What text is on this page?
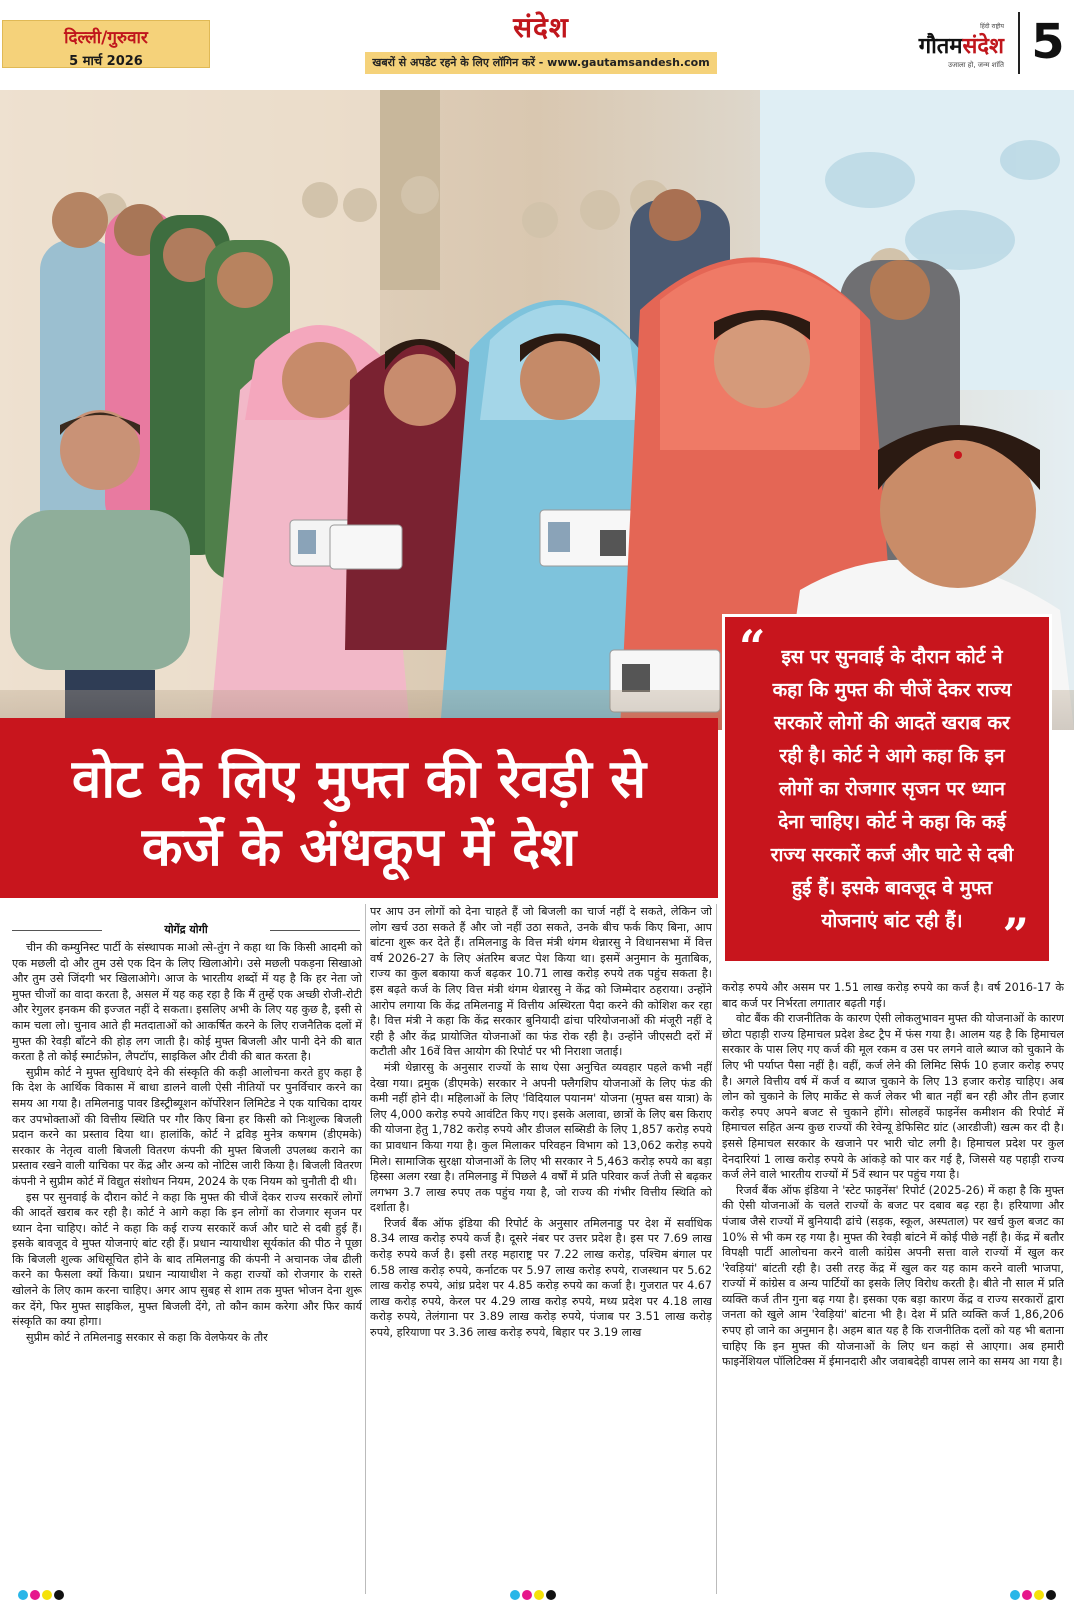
दिल्ली/गुरुवार
5 मार्च 2026
संदेश
खबरों से अपडेट रहने के लिए लॉगिन करें - www.gautamsandesh.com
हिंदी राष्ट्रीय
गौतमसंदेश
उजाला हो, जन्म शांति 5
वोट के लिए मुफ्त की रेवड़ी से
कर्जे के अंधकूप में देश
“ इस पर सुनवाई के दौरान कोर्ट ने कहा कि मुफ्त की चीजें देकर राज्य सरकारें लोगों की आदतें खराब कर रही है। कोर्ट ने आगे कहा कि इन लोगों का रोजगार सृजन पर ध्यान देना चाहिए। कोर्ट ने कहा कि कई राज्य सरकारें कर्ज और घाटे से दबी हुई हैं। इसके बावजूद वे मुफ्त योजनाएं बांट रही हैं। ”
योगेंद्र योगी

चीन की कम्युनिस्ट पार्टी के संस्थापक माओ त्से-तुंग ने कहा था कि किसी आदमी को एक मछली दो और तुम उसे एक दिन के लिए खिलाओगे। उसे मछली पकड़ना सिखाओ और तुम उसे जिंदगी भर खिलाओगे। आज के भारतीय शब्दों में यह है कि हर नेता जो मुफ्त चीजों का वादा करता है, असल में यह कह रहा है कि मैं तुम्हें एक अच्छी रोजी-रोटी और रेगुलर इनकम की इज्जत नहीं दे सकता। इसलिए अभी के लिए यह कुछ है, इसी से काम चला लो। चुनाव आते ही मतदाताओं को आकर्षित करने के लिए राजनैतिक दलों में मुफ्त की रेवड़ी बाँटने की होड़ लग जाती है। कोई मुफ्त बिजली और पानी देने की बात करता है तो कोई स्मार्टफ़ोन, लैपटॉप, साइकिल और टीवी की बात करता है।

सुप्रीम कोर्ट ने मुफ्त सुविधाएं देने की संस्कृति की कड़ी आलोचना करते हुए कहा है कि देश के आर्थिक विकास में बाधा डालने वाली ऐसी नीतियों पर पुनर्विचार करने का समय आ गया है। तमिलनाडु पावर डिस्ट्रीब्यूशन कॉर्पोरेशन लिमिटेड ने एक याचिका दायर कर उपभोक्ताओं की वित्तीय स्थिति पर गौर किए बिना हर किसी को निःशुल्क बिजली प्रदान करने का प्रस्ताव दिया था। हालांकि, कोर्ट ने द्रविड़ मुनेत्र कषगम (डीएमके) सरकार के नेतृत्व वाली बिजली वितरण कंपनी की मुफ्त बिजली उपलब्ध कराने का प्रस्ताव रखने वाली याचिका पर केंद्र और अन्य को नोटिस जारी किया है। बिजली वितरण कंपनी ने सुप्रीम कोर्ट में विद्युत संशोधन नियम, 2024 के एक नियम को चुनौती दी थी।

इस पर सुनवाई के दौरान कोर्ट ने कहा कि मुफ्त की चीजें देकर राज्य सरकारें लोगों की आदतें खराब कर रही है। कोर्ट ने आगे कहा कि इन लोगों का रोजगार सृजन पर ध्यान देना चाहिए। कोर्ट ने कहा कि कई राज्य सरकारें कर्ज और घाटे से दबी हुई हैं। इसके बावजूद वे मुफ्त योजनाएं बांट रही हैं। प्रधान न्यायाधीश सूर्यकांत की पीठ ने पूछा कि बिजली शुल्क अधिसूचित होने के बाद तमिलनाडु की कंपनी ने अचानक जेब ढीली करने का फैसला क्यों किया। प्रधान न्यायाधीश ने कहा राज्यों को रोजगार के रास्ते खोलने के लिए काम करना चाहिए। अगर आप सुबह से शाम तक मुफ्त भोजन देना शुरू कर देंगे, फिर मुफ्त साइकिल, मुफ्त बिजली देंगे, तो कौन काम करेगा और फिर कार्य संस्कृति का क्या होगा।

सुप्रीम कोर्ट ने तमिलनाडु सरकार से कहा कि वेलफेयर के तौर

पर आप उन लोगों को देना चाहते हैं जो बिजली का चार्ज नहीं दे सकते, लेकिन जो लोग खर्च उठा सकते हैं और जो नहीं उठा सकते, उनके बीच फर्क किए बिना, आप बांटना शुरू कर देते हैं। तमिलनाडु के वित्त मंत्री थंगम थेन्नारसु ने विधानसभा में वित्त वर्ष 2026-27 के लिए अंतरिम बजट पेश किया था। इसमें अनुमान के मुताबिक, राज्य का कुल बकाया कर्ज बढ़कर 10.71 लाख करोड़ रुपये तक पहुंच सकता है। इस बढ़ते कर्ज के लिए वित्त मंत्री थंगम थेन्नारसु ने केंद्र को जिम्मेदार ठहराया। उन्होंने आरोप लगाया कि केंद्र तमिलनाडु में वित्तीय अस्थिरता पैदा करने की कोशिश कर रहा है। वित्त मंत्री ने कहा कि केंद्र सरकार बुनियादी ढांचा परियोजनाओं की मंजूरी नहीं दे रही है और केंद्र प्रायोजित योजनाओं का फंड रोक रही है। उन्होंने जीएसटी दरों में कटौती और 16वें वित्त आयोग की रिपोर्ट पर भी निराशा जताई।

मंत्री थेन्नारसु के अनुसार राज्यों के साथ ऐसा अनुचित व्यवहार पहले कभी नहीं देखा गया। द्रमुक (डीएमके) सरकार ने अपनी फ्लैगशिप योजनाओं के लिए फंड की कमी नहीं होने दी। महिलाओं के लिए 'विदियाल पयानम' योजना (मुफ्त बस यात्रा) के लिए 4,000 करोड़ रुपये आवंटित किए गए। इसके अलावा, छात्रों के लिए बस किराए की योजना हेतु 1,782 करोड़ रुपये और डीजल सब्सिडी के लिए 1,857 करोड़ रुपये का प्रावधान किया गया है। कुल मिलाकर परिवहन विभाग को 13,062 करोड़ रुपये मिले। सामाजिक सुरक्षा योजनाओं के लिए भी सरकार ने 5,463 करोड़ रुपये का बड़ा हिस्सा अलग रखा है। तमिलनाडु में पिछले 4 वर्षों में प्रति परिवार कर्ज तेजी से बढ़कर लगभग 3.7 लाख रुपए तक पहुंच गया है, जो राज्य की गंभीर वित्तीय स्थिति को दर्शाता है।

रिजर्व बैंक ऑफ इंडिया की रिपोर्ट के अनुसार तमिलनाडु पर देश में सर्वाधिक 8.34 लाख करोड़ रुपये कर्ज है। दूसरे नंबर पर उत्तर प्रदेश है। इस पर 7.69 लाख करोड़ रुपये कर्ज है। इसी तरह महाराष्ट्र पर 7.22 लाख करोड़, पश्चिम बंगाल पर 6.58 लाख करोड़ रुपये, कर्नाटक पर 5.97 लाख करोड़ रुपये, राजस्थान पर 5.62 लाख करोड़ रुपये, आंध्र प्रदेश पर 4.85 करोड़ रुपये का कर्जा है। गुजरात पर 4.67 लाख करोड़ रुपये, केरल पर 4.29 लाख करोड़ रुपये, मध्य प्रदेश पर 4.18 लाख करोड़ रुपये, तेलंगाना पर 3.89 लाख करोड़ रुपये, पंजाब पर 3.51 लाख करोड़ रुपये, हरियाणा पर 3.36 लाख करोड़ रुपये, बिहार पर 3.19 लाख

करोड़ रुपये और असम पर 1.51 लाख करोड़ रुपये का कर्ज है। वर्ष 2016-17 के बाद कर्ज पर निर्भरता लगातार बढ़ती गई।

वोट बैंक की राजनीतिक के कारण ऐसी लोकलुभावन मुफ्त की योजनाओं के कारण छोटा पहाड़ी राज्य हिमाचल प्रदेश डेब्ट ट्रैप में फंस गया है। आलम यह है कि हिमाचल सरकार के पास लिए गए कर्ज की मूल रकम व उस पर लगने वाले ब्याज को चुकाने के लिए भी पर्याप्त पैसा नहीं है। वहीं, कर्ज लेने की लिमिट सिर्फ 10 हजार करोड़ रुपए है। अगले वित्तीय वर्ष में कर्ज व ब्याज चुकाने के लिए 13 हजार करोड़ चाहिए। अब लोन को चुकाने के लिए मार्केट से कर्ज लेकर भी बात नहीं बन रही और तीन हजार करोड़ रुपए अपने बजट से चुकाने होंगे। सोलहवें फाइनेंस कमीशन की रिपोर्ट में हिमाचल सहित अन्य कुछ राज्यों की रेवेन्यू डेफिसिट ग्रांट (आरडीजी) खत्म कर दी है। इससे हिमाचल सरकार के खजाने पर भारी चोट लगी है। हिमाचल प्रदेश पर कुल देनदारियां 1 लाख करोड़ रुपये के आंकड़े को पार कर गई है, जिससे यह पहाड़ी राज्य कर्ज लेने वाले भारतीय राज्यों में 5वें स्थान पर पहुंच गया है।

रिजर्व बैंक ऑफ इंडिया ने 'स्टेट फाइनेंस' रिपोर्ट (2025-26) में कहा है कि मुफ्त की ऐसी योजनाओं के चलते राज्यों के बजट पर दबाव बढ़ रहा है। हरियाणा और पंजाब जैसे राज्यों में बुनियादी ढांचे (सड़क, स्कूल, अस्पताल) पर खर्च कुल बजट का 10% से भी कम रह गया है। मुफ्त की रेवड़ी बांटने में कोई पीछे नहीं है। केंद्र में बतौर विपक्षी पार्टी आलोचना करने वाली कांग्रेस अपनी सत्ता वाले राज्यों में खुल कर 'रेवड़ियां' बांटती रही है। उसी तरह केंद्र में खुल कर यह काम करने वाली भाजपा, राज्यों में कांग्रेस व अन्य पार्टियों का इसके लिए विरोध करती है। बीते नौ साल में प्रति व्यक्ति कर्ज तीन गुना बढ़ गया है। इसका एक बड़ा कारण केंद्र व राज्य सरकारों द्वारा जनता को खुले आम 'रेवड़ियां' बांटना भी है। देश में प्रति व्यक्ति कर्ज 1,86,206 रुपए हो जाने का अनुमान है। अहम बात यह है कि राजनीतिक दलों को यह भी बताना चाहिए कि इन मुफ्त की योजनाओं के लिए धन कहां से आएगा। अब हमारी फाइनेंशियल पॉलिटिक्स में ईमानदारी और जवाबदेही वापस लाने का समय आ गया है।
